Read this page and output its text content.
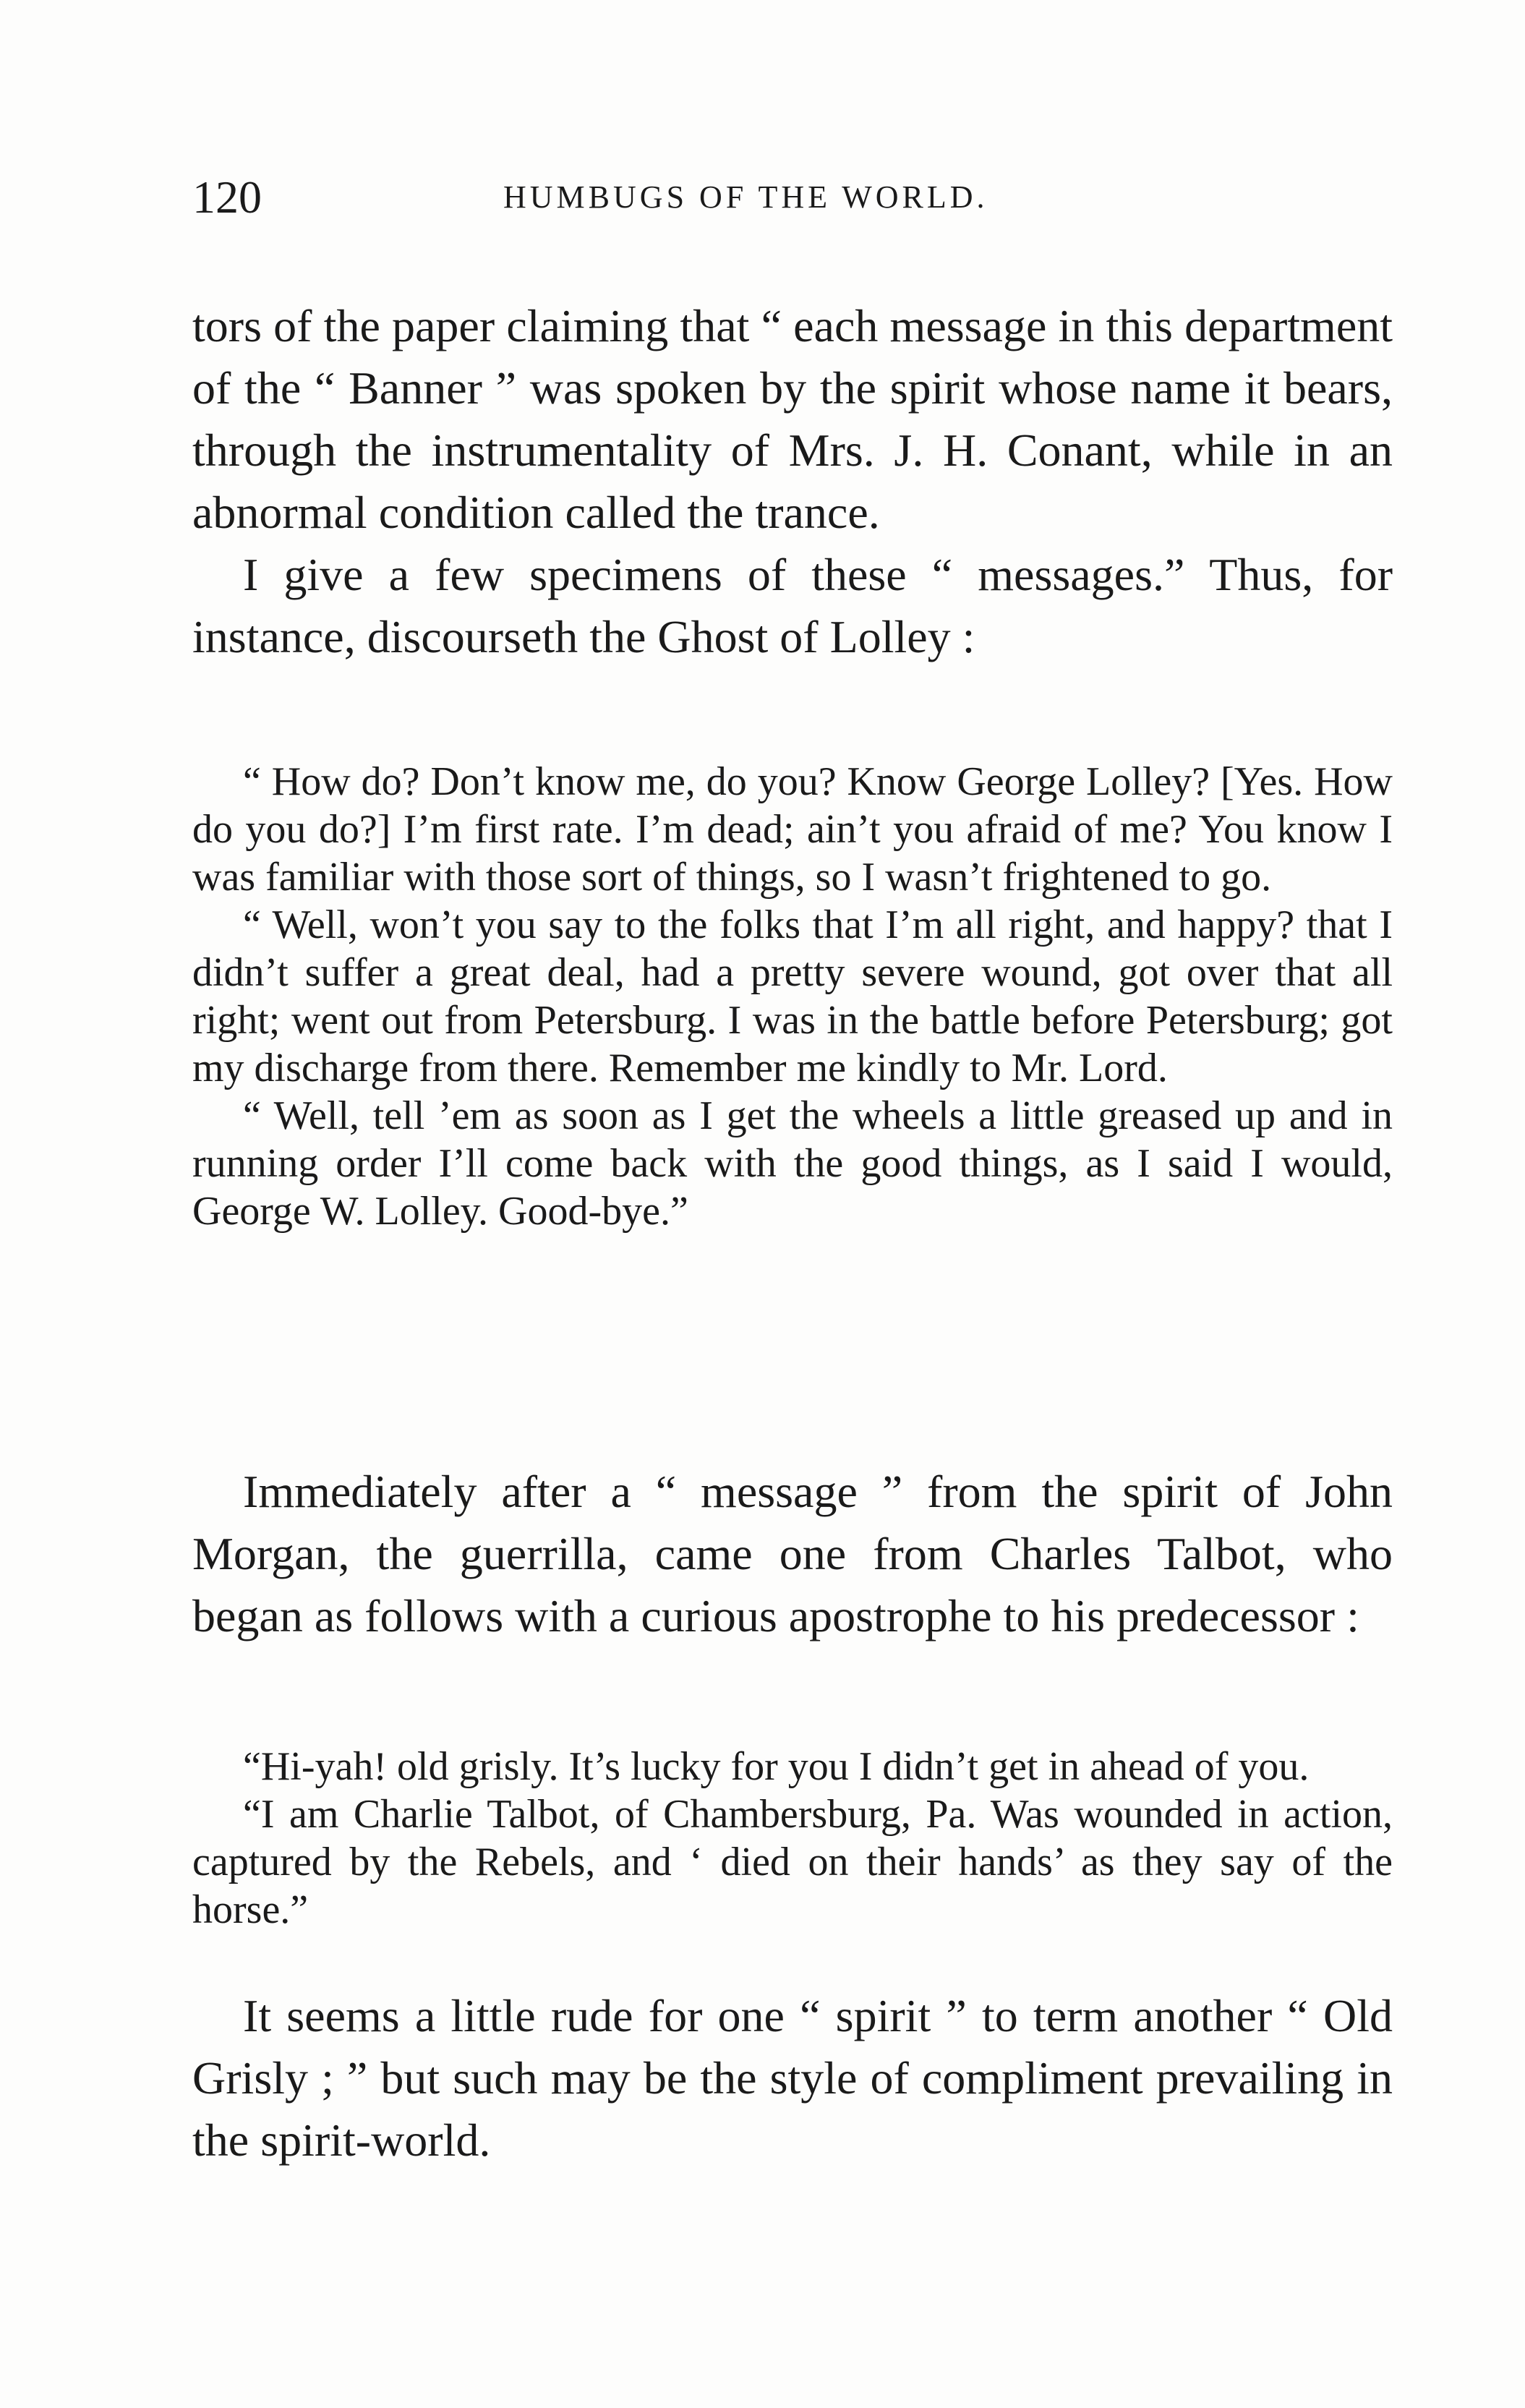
120	HUMBUGS OF THE WORLD.

tors of the paper claiming that “ each message in this department of the “ Banner ” was spoken by the spirit whose name it bears, through the instrumentality of Mrs. J. H. Conant, while in an abnormal condition called the trance.

I give a few specimens of these “ messages.” Thus, for instance, discourseth the Ghost of Lolley :

“ How do? Don’t know me, do you? Know George Lolley? [Yes. How do you do?] I’m first rate. I’m dead; ain’t you afraid of me? You know I was familiar with those sort of things, so I wasn’t frightened to go.

“ Well, won’t you say to the folks that I’m all right, and happy? that I didn’t suffer a great deal, had a pretty severe wound, got over that all right; went out from Petersburg. I was in the battle before Petersburg; got my discharge from there. Remember me kindly to Mr. Lord.

“ Well, tell ’em as soon as I get the wheels a little greased up and in running order I’ll come back with the good things, as I said I would, George W. Lolley. Good-bye.”

Immediately after a “ message ” from the spirit of John Morgan, the guerrilla, came one from Charles Talbot, who began as follows with a curious apostrophe to his predecessor :

“Hi-yah! old grisly. It’s lucky for you I didn’t get in ahead of you.

“I am Charlie Talbot, of Chambersburg, Pa. Was wounded in action, captured by the Rebels, and ‘ died on their hands’ as they say of the horse.”

It seems a little rude for one “ spirit ” to term another “ Old Grisly ; ” but such may be the style of compliment prevailing in the spirit-world.
